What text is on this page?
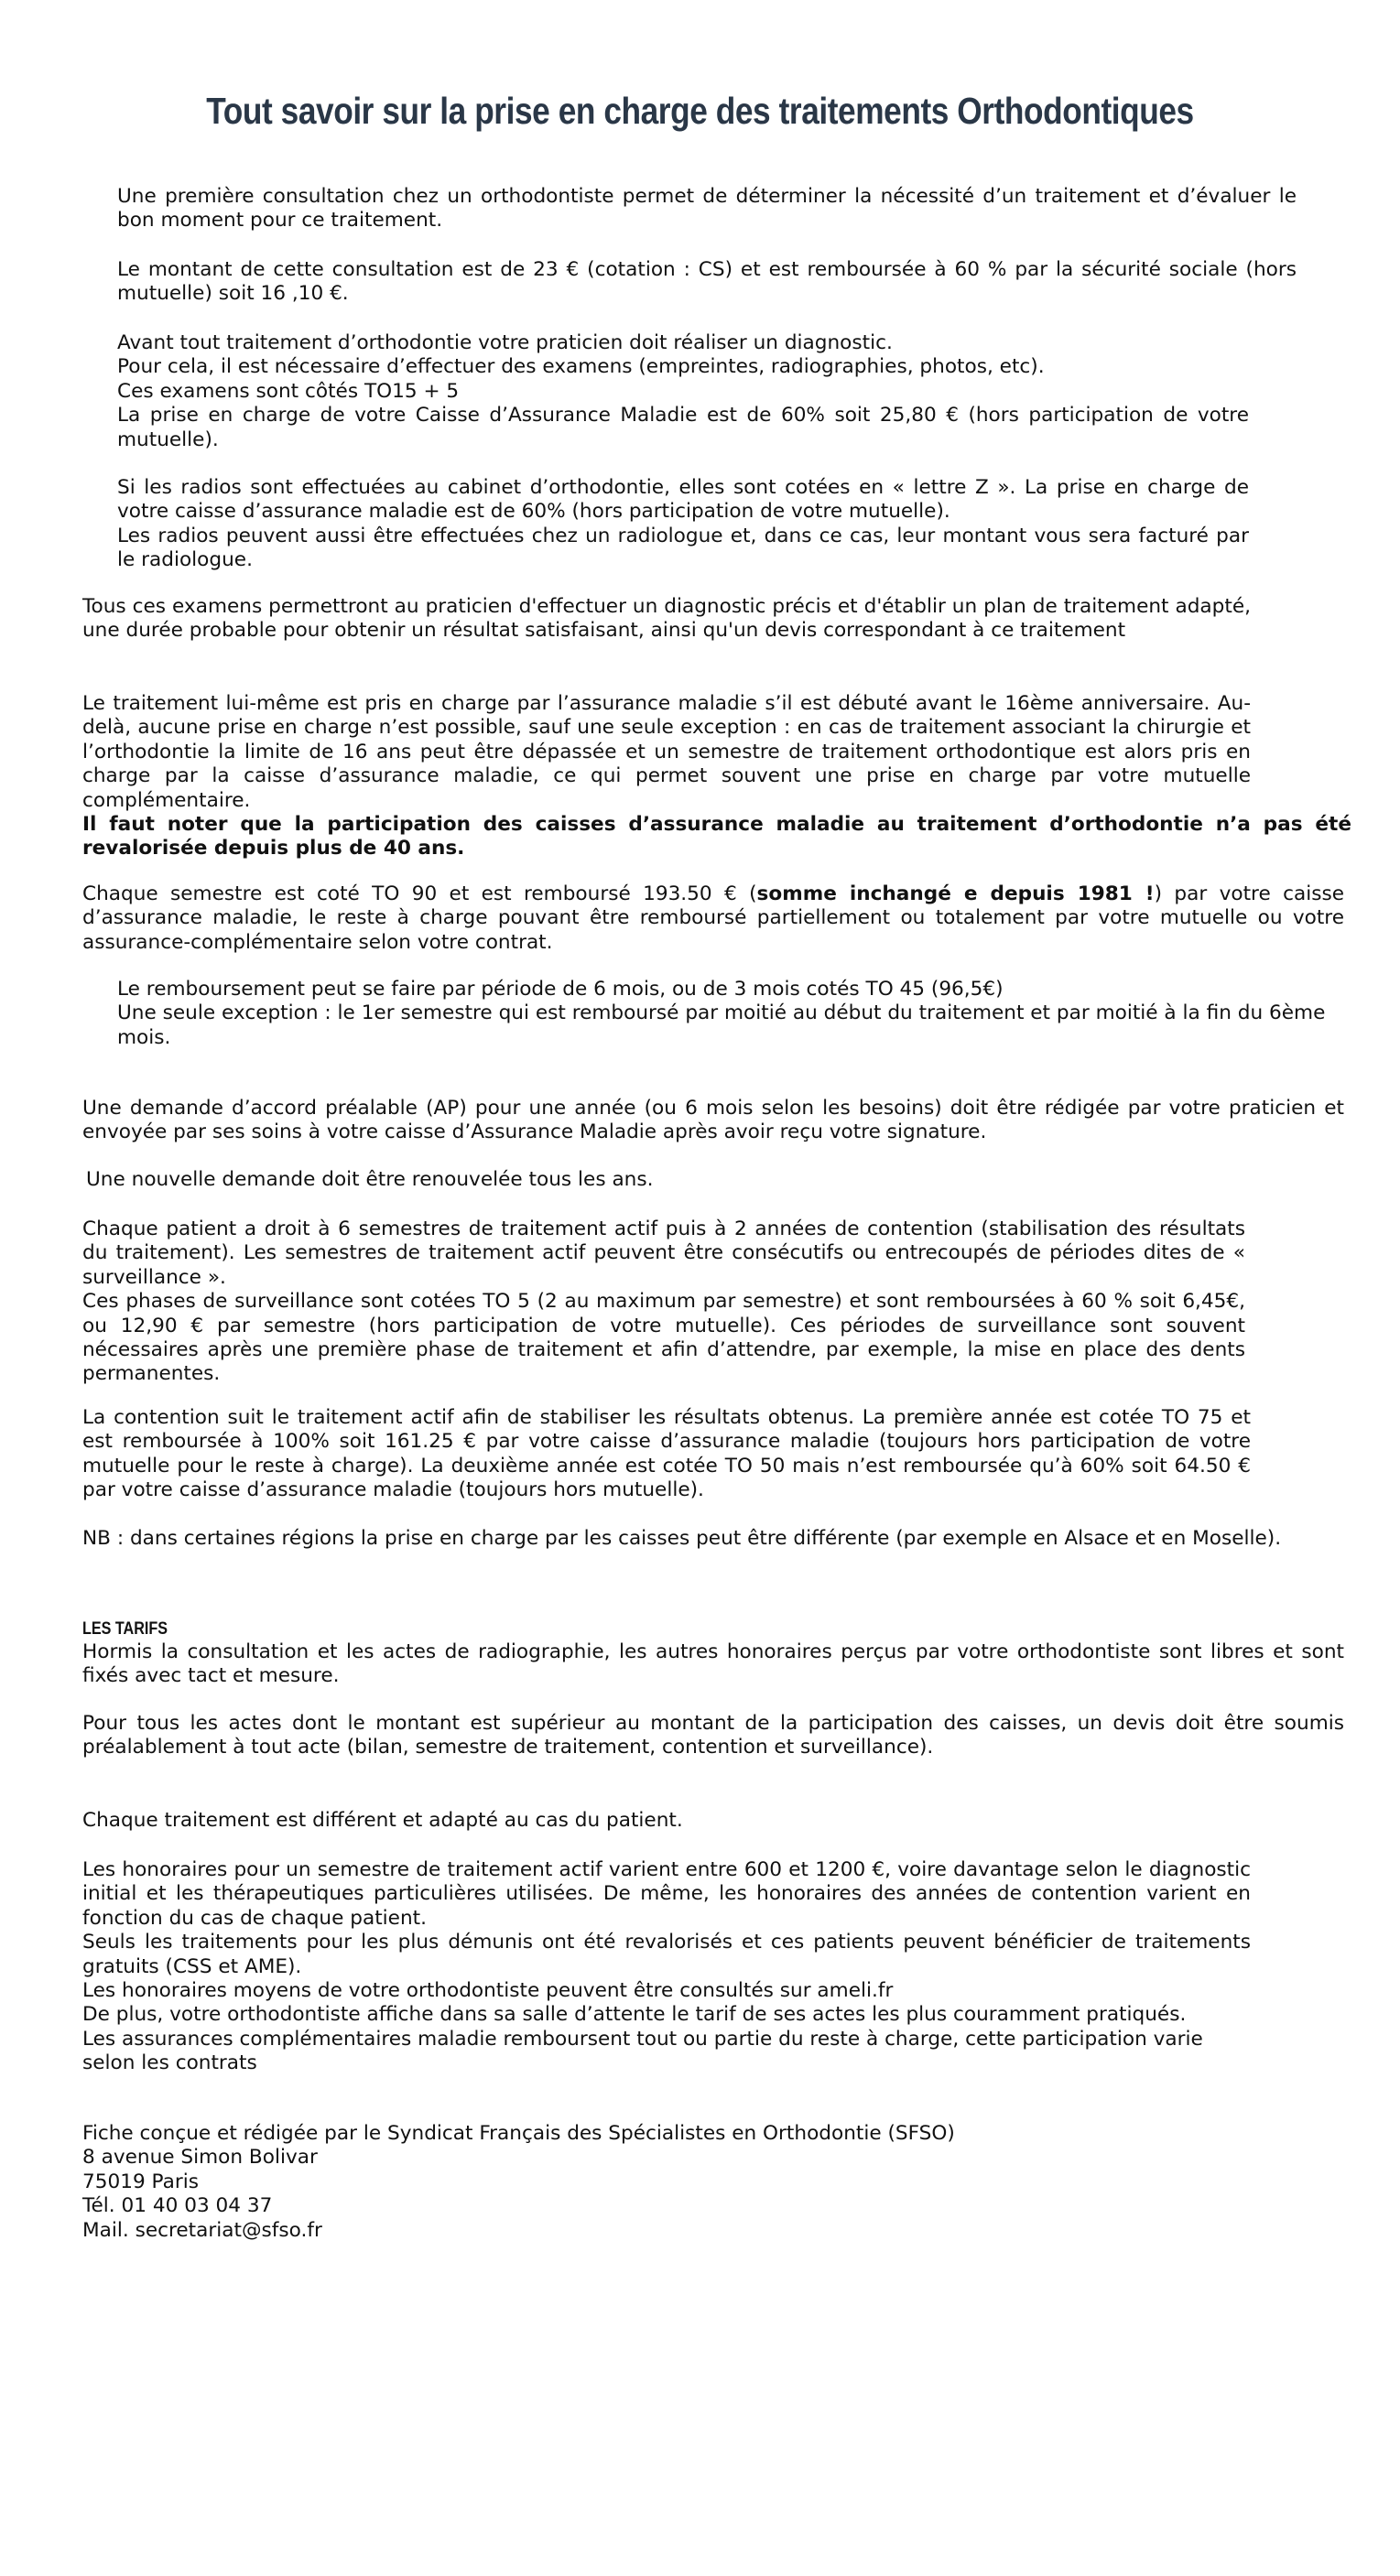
Tout savoir sur la prise en charge des traitements Orthodontiques

Une première consultation chez un orthodontiste permet de déterminer la nécessité d’un traitement et d’évaluer le bon moment pour ce traitement.

Le montant de cette consultation est de 23 € (cotation : CS) et est remboursée à 60 % par la sécurité sociale (hors mutuelle) soit 16 ,10 €.

Avant tout traitement d’orthodontie votre praticien doit réaliser un diagnostic.

Pour cela, il est nécessaire d’effectuer des examens (empreintes, radiographies, photos, etc).

Ces examens sont côtés TO15 + 5

La prise en charge de votre Caisse d’Assurance Maladie est de 60% soit 25,80 € (hors participation de votre mutuelle).

Si les radios sont effectuées au cabinet d’orthodontie, elles sont cotées en « lettre Z ». La prise en charge de votre caisse d’assurance maladie est de 60% (hors participation de votre mutuelle).

Les radios peuvent aussi être effectuées chez un radiologue et, dans ce cas, leur montant vous sera facturé par le radiologue.

Tous ces examens permettront au praticien d'effectuer un diagnostic précis et d'établir un plan de traitement adapté, une durée probable pour obtenir un résultat satisfaisant, ainsi qu'un devis correspondant à ce traitement

Le traitement lui-même est pris en charge par l’assurance maladie s’il est débuté avant le 16ème anniversaire. Au-delà, aucune prise en charge n’est possible, sauf une seule exception : en cas de traitement associant la chirurgie et l’orthodontie la limite de 16 ans peut être dépassée et un semestre de traitement orthodontique est alors pris en charge par la caisse d’assurance maladie, ce qui permet souvent une prise en charge par votre mutuelle complémentaire.

Il faut noter que la participation des caisses d’assurance maladie au traitement d’orthodontie n’a pas été revalorisée depuis plus de 40 ans.

Chaque semestre est coté TO 90 et est remboursé 193.50 € (somme inchangé e depuis 1981 !) par votre caisse d’assurance maladie, le reste à charge pouvant être remboursé partiellement ou totalement par votre mutuelle ou votre assurance-complémentaire selon votre contrat.

Le remboursement peut se faire par période de 6 mois, ou de 3 mois cotés TO 45 (96,5€)

Une seule exception : le 1er semestre qui est remboursé par moitié au début du traitement et par moitié à la fin du 6ème mois.

Une demande d’accord préalable (AP) pour une année (ou 6 mois selon les besoins) doit être rédigée par votre praticien et envoyée par ses soins à votre caisse d’Assurance Maladie après avoir reçu votre signature.

Une nouvelle demande doit être renouvelée tous les ans.

Chaque patient a droit à 6 semestres de traitement actif puis à 2 années de contention (stabilisation des résultats du traitement). Les semestres de traitement actif peuvent être consécutifs ou entrecoupés de périodes dites de « surveillance ».

Ces phases de surveillance sont cotées TO 5 (2 au maximum par semestre) et sont remboursées à 60 % soit 6,45€, ou 12,90 € par semestre (hors participation de votre mutuelle). Ces périodes de surveillance sont souvent nécessaires après une première phase de traitement et afin d’attendre, par exemple, la mise en place des dents permanentes.

La contention suit le traitement actif afin de stabiliser les résultats obtenus. La première année est cotée TO 75 et est remboursée à 100% soit 161.25 € par votre caisse d’assurance maladie (toujours hors participation de votre mutuelle pour le reste à charge). La deuxième année est cotée TO 50 mais n’est remboursée qu’à 60% soit 64.50 € par votre caisse d’assurance maladie (toujours hors mutuelle).

NB : dans certaines régions la prise en charge par les caisses peut être différente (par exemple en Alsace et en Moselle).

LES TARIFS

Hormis la consultation et les actes de radiographie, les autres honoraires perçus par votre orthodontiste sont libres et sont fixés avec tact et mesure.

Pour tous les actes dont le montant est supérieur au montant de la participation des caisses, un devis doit être soumis préalablement à tout acte (bilan, semestre de traitement, contention et surveillance).

Chaque traitement est différent et adapté au cas du patient.

Les honoraires pour un semestre de traitement actif varient entre 600 et 1200 €, voire davantage selon le diagnostic initial et les thérapeutiques particulières utilisées. De même, les honoraires des années de contention varient en fonction du cas de chaque patient.

Seuls les traitements pour les plus démunis ont été revalorisés et ces patients peuvent bénéficier de traitements gratuits (CSS et AME).

Les honoraires moyens de votre orthodontiste peuvent être consultés sur ameli.fr

De plus, votre orthodontiste affiche dans sa salle d’attente le tarif de ses actes les plus couramment pratiqués.

Les assurances complémentaires maladie remboursent tout ou partie du reste à charge, cette participation varie selon les contrats

Fiche conçue et rédigée par le Syndicat Français des Spécialistes en Orthodontie (SFSO)

8 avenue Simon Bolivar

75019 Paris

Tél. 01 40 03 04 37

Mail. secretariat@sfso.fr
